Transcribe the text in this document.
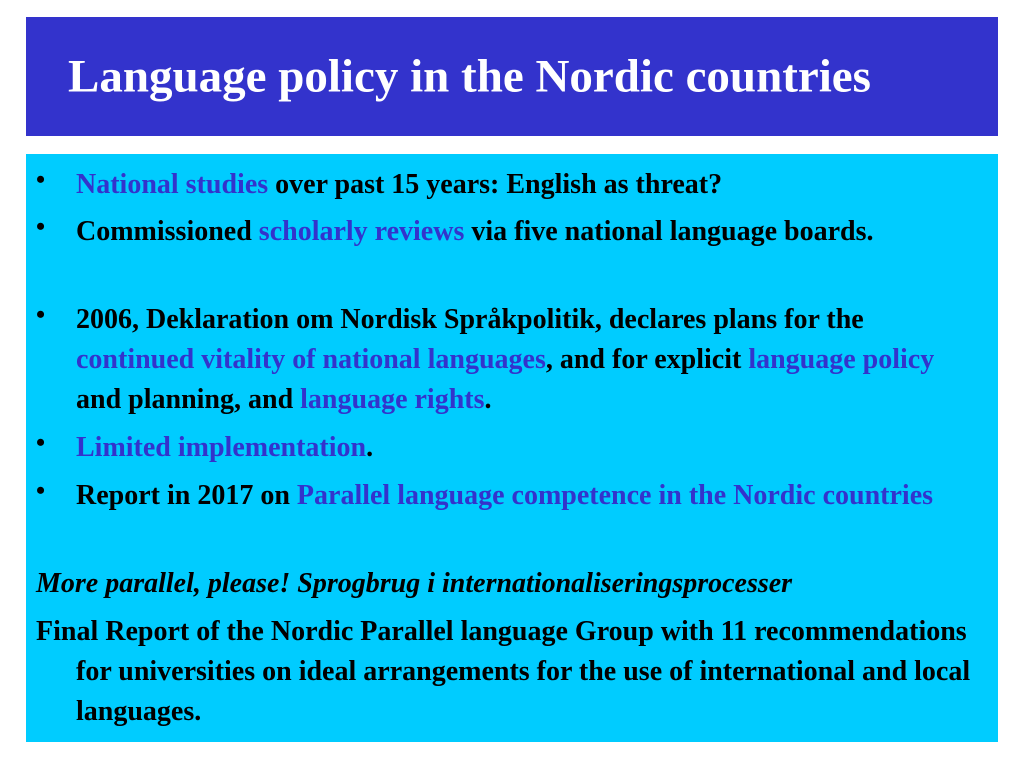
Language policy in the Nordic countries
• National studies over past 15 years: English as threat?
• Commissioned scholarly reviews via five national language boards.
• 2006, Deklaration om Nordisk Språkpolitik, declares plans for the continued vitality of national languages, and for explicit language policy and planning, and language rights.
• Limited implementation.
• Report in 2017 on Parallel language competence in the Nordic countries

More parallel, please! Sprogbrug i internationaliseringsprocesser

Final Report of the Nordic Parallel language Group with 11 recommendations for universities on ideal arrangements for the use of international and local languages.
